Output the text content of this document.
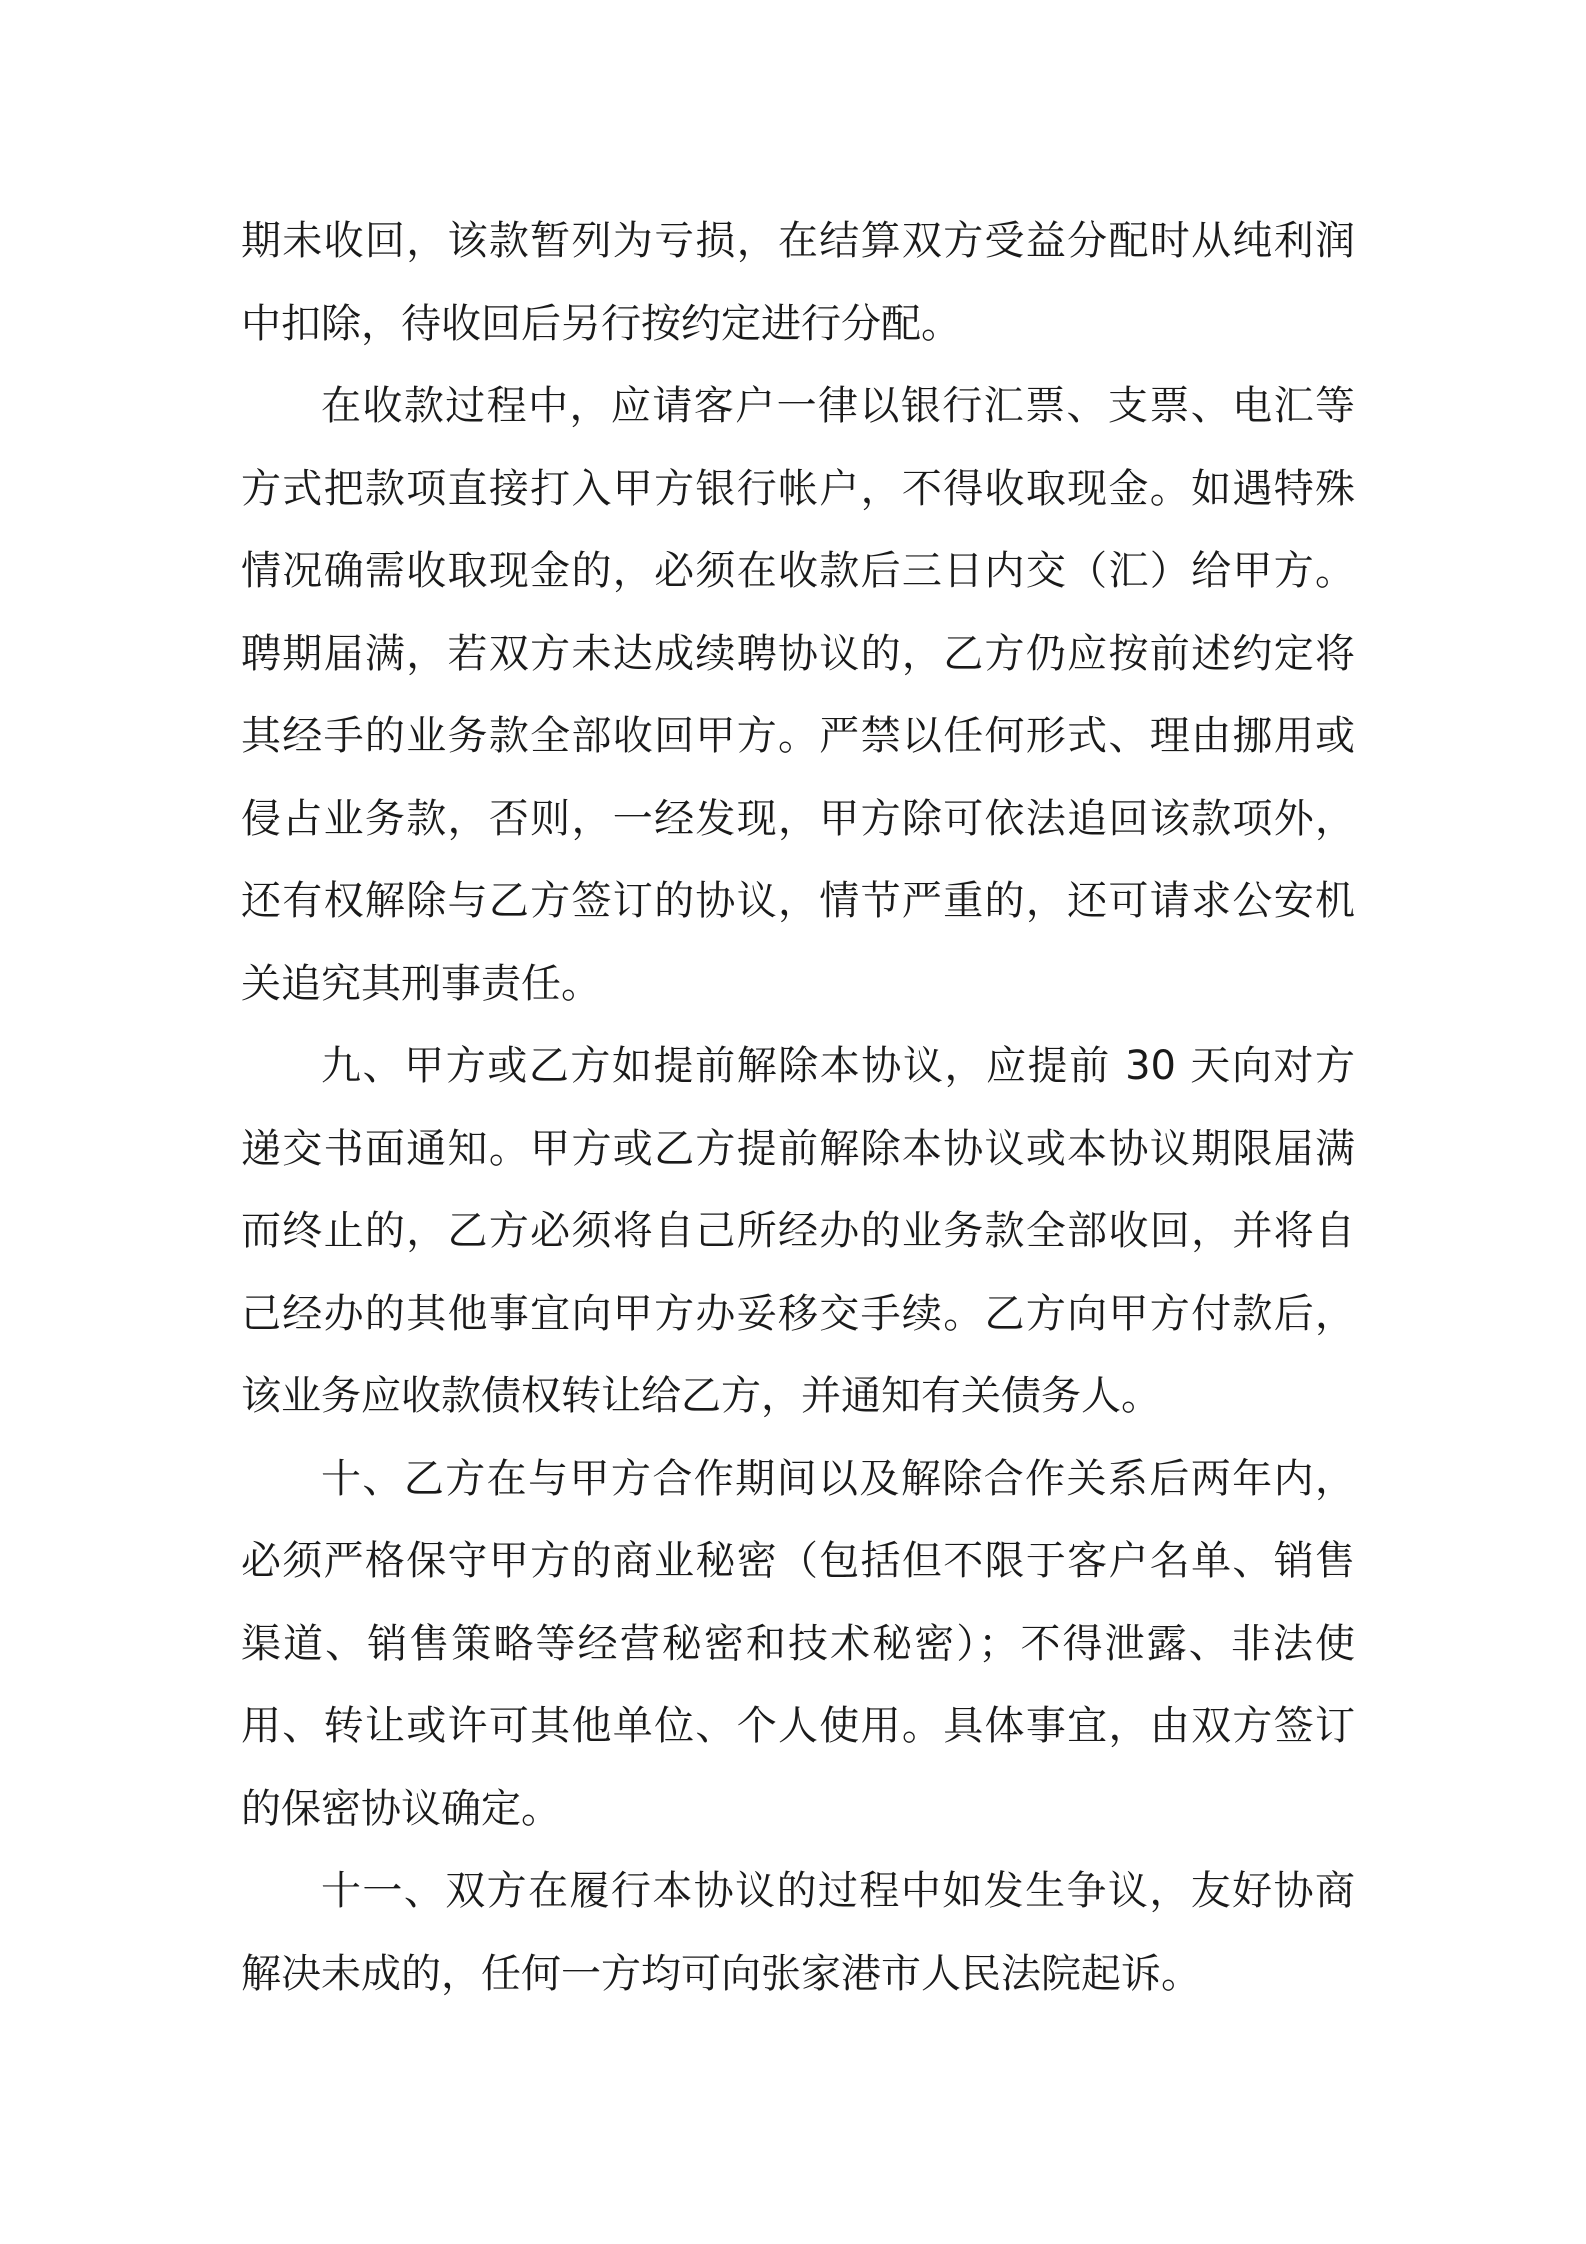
期未收回，该款暂列为亏损，在结算双方受益分配时从纯利润中扣除，待收回后另行按约定进行分配。

在收款过程中，应请客户一律以银行汇票、支票、电汇等方式把款项直接打入甲方银行帐户，不得收取现金。如遇特殊情况确需收取现金的，必须在收款后三日内交（汇）给甲方。聘期届满，若双方未达成续聘协议的，乙方仍应按前述约定将其经手的业务款全部收回甲方。严禁以任何形式、理由挪用或侵占业务款，否则，一经发现，甲方除可依法追回该款项外，还有权解除与乙方签订的协议，情节严重的，还可请求公安机关追究其刑事责任。

九、甲方或乙方如提前解除本协议，应提前 30 天向对方递交书面通知。甲方或乙方提前解除本协议或本协议期限届满而终止的，乙方必须将自己所经办的业务款全部收回，并将自己经办的其他事宜向甲方办妥移交手续。乙方向甲方付款后，该业务应收款债权转让给乙方，并通知有关债务人。

十、乙方在与甲方合作期间以及解除合作关系后两年内，必须严格保守甲方的商业秘密（包括但不限于客户名单、销售渠道、销售策略等经营秘密和技术秘密）；不得泄露、非法使用、转让或许可其他单位、个人使用。具体事宜，由双方签订的保密协议确定。

十一、双方在履行本协议的过程中如发生争议，友好协商解决未成的，任何一方均可向张家港市人民法院起诉。
